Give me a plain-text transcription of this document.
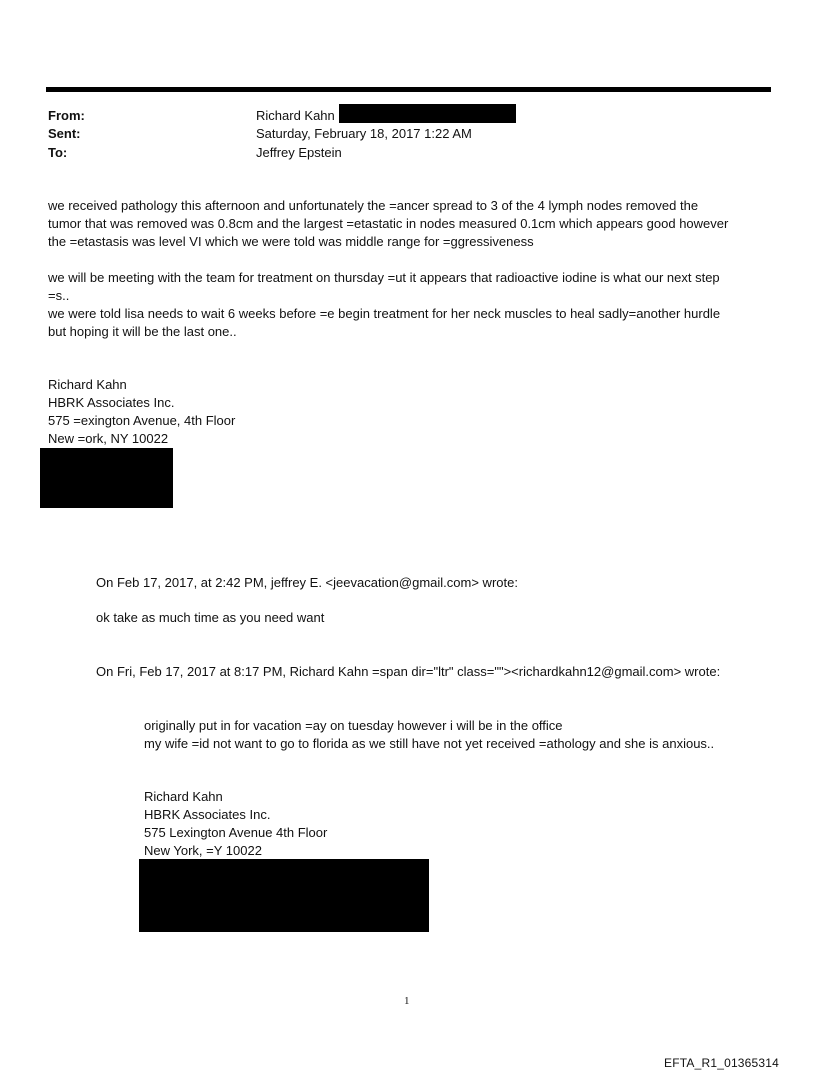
From:	Richard Kahn
Sent:	Saturday, February 18, 2017 1:22 AM
To:	Jeffrey Epstein
we received pathology this afternoon and unfortunately the =ancer spread to 3 of the 4 lymph nodes removed the
tumor that was removed was 0.8cm and the largest =etastatic in nodes measured 0.1cm which appears good however
the =etastasis was level VI which we were told was middle range for =ggressiveness
we will be meeting with the team for treatment on thursday =ut it appears that radioactive iodine is what our next step
=s..
we were told lisa needs to wait 6 weeks before =e begin treatment for her neck muscles to heal sadly=another hurdle
but hoping it will be the last one..
Richard Kahn
HBRK Associates Inc.
575 =exington Avenue, 4th Floor
New =ork, NY 10022
On Feb 17, 2017, at 2:42 PM, jeffrey E. <jeevacation@gmail.com> wrote:
ok take as much time as you need want
On Fri, Feb 17, 2017 at 8:17 PM, Richard Kahn =span dir="ltr" class=""><richardkahn12@gmail.com> wrote:
originally put in for vacation =ay on tuesday however i will be in the office
my wife =id not want to go to florida as we still have not yet received =athology and she is anxious..
Richard Kahn
HBRK Associates Inc.
575 Lexington Avenue 4th Floor
New York, =Y 10022
1
EFTA_R1_01365314
